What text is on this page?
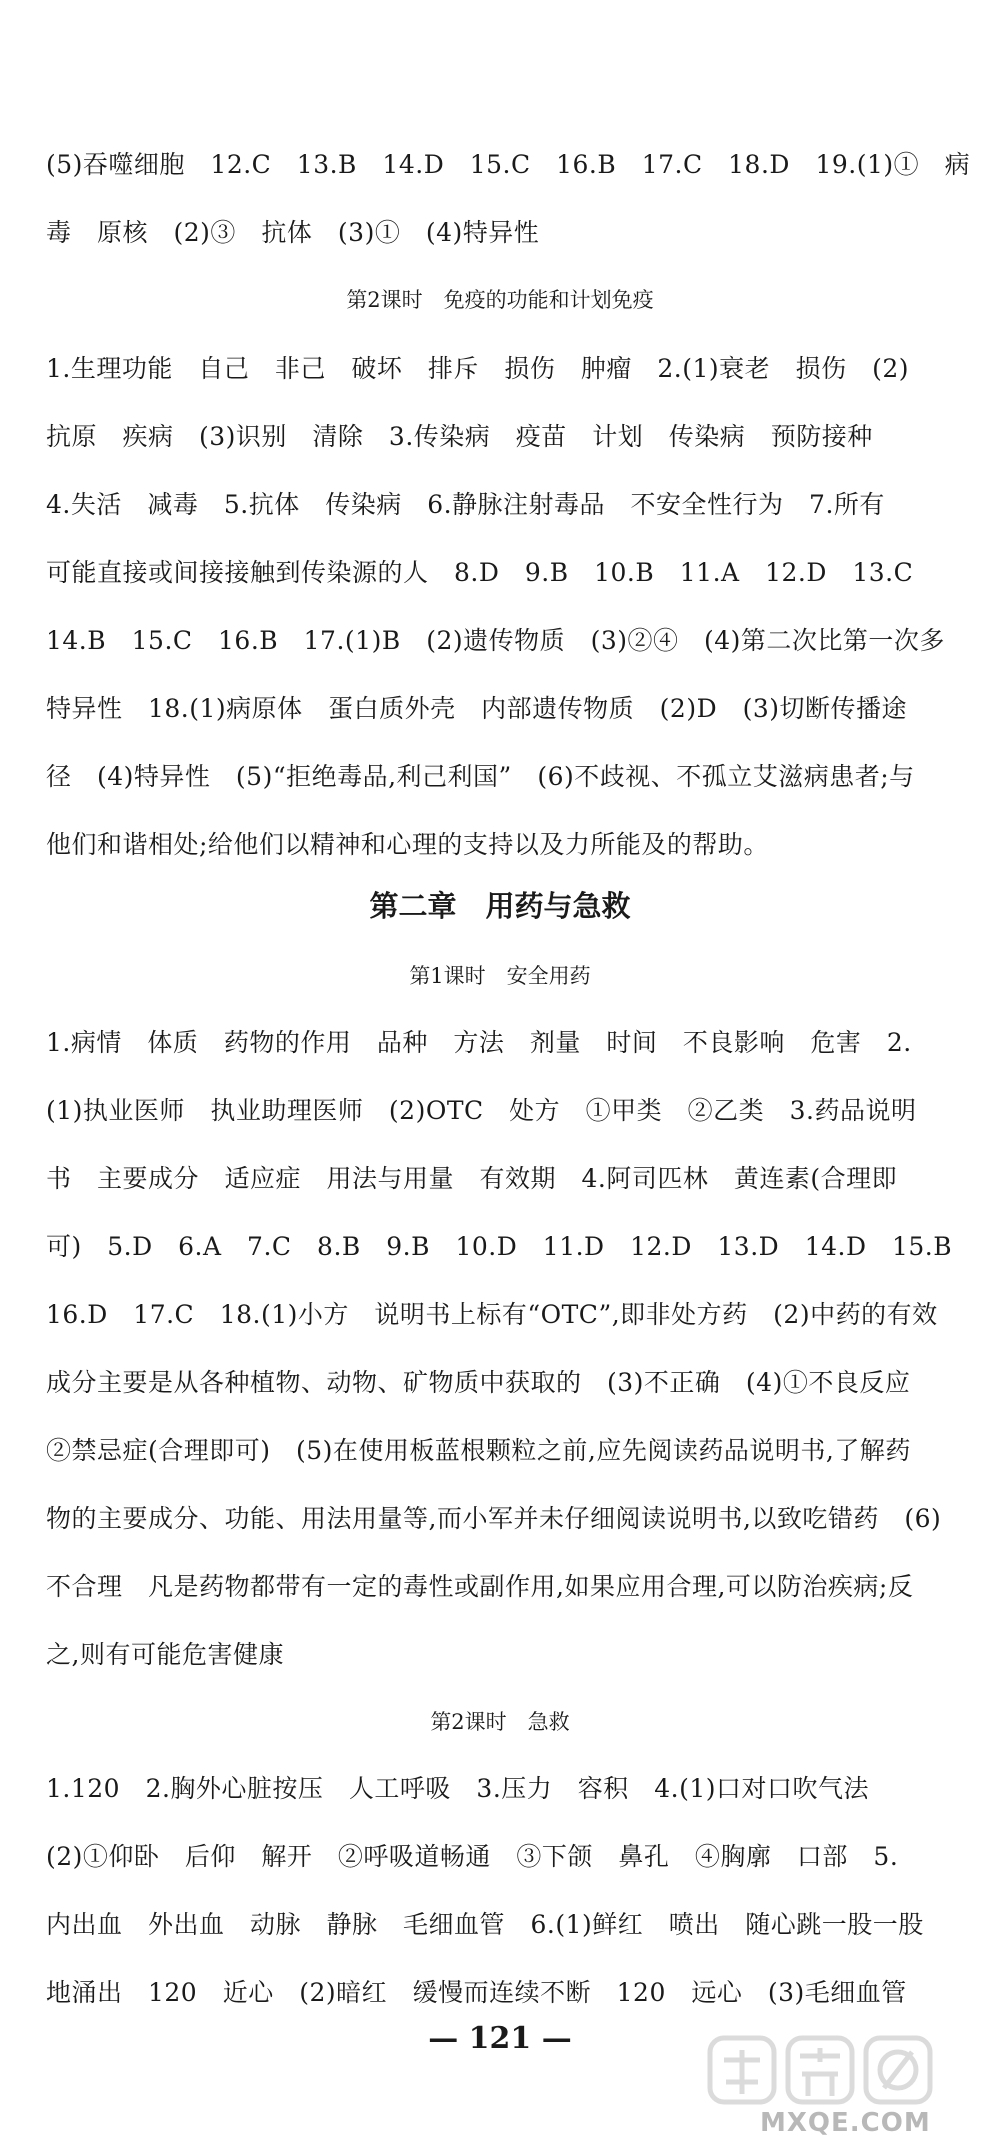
(5)吞噬细胞　12.C　13.B　14.D　15.C　16.B　17.C　18.D　19.(1)①　病
毒　原核　(2)③　抗体　(3)①　(4)特异性
第2课时　免疫的功能和计划免疫
1.生理功能　自己　非己　破坏　排斥　损伤　肿瘤　2.(1)衰老　损伤　(2)
抗原　疾病　(3)识别　清除　3.传染病　疫苗　计划　传染病　预防接种
4.失活　减毒　5.抗体　传染病　6.静脉注射毒品　不安全性行为　7.所有
可能直接或间接接触到传染源的人　8.D　9.B　10.B　11.A　12.D　13.C
14.B　15.C　16.B　17.(1)B　(2)遗传物质　(3)②④　(4)第二次比第一次多
特异性　18.(1)病原体　蛋白质外壳　内部遗传物质　(2)D　(3)切断传播途
径　(4)特异性　(5)“拒绝毒品,利己利国”　(6)不歧视、不孤立艾滋病患者;与
他们和谐相处;给他们以精神和心理的支持以及力所能及的帮助。
第二章　用药与急救
第1课时　安全用药
1.病情　体质　药物的作用　品种　方法　剂量　时间　不良影响　危害　2.
(1)执业医师　执业助理医师　(2)OTC　处方　①甲类　②乙类　3.药品说明
书　主要成分　适应症　用法与用量　有效期　4.阿司匹林　黄连素(合理即
可)　5.D　6.A　7.C　8.B　9.B　10.D　11.D　12.D　13.D　14.D　15.B
16.D　17.C　18.(1)小方　说明书上标有“OTC”,即非处方药　(2)中药的有效
成分主要是从各种植物、动物、矿物质中获取的　(3)不正确　(4)①不良反应
②禁忌症(合理即可)　(5)在使用板蓝根颗粒之前,应先阅读药品说明书,了解药
物的主要成分、功能、用法用量等,而小军并未仔细阅读说明书,以致吃错药　(6)
不合理　凡是药物都带有一定的毒性或副作用,如果应用合理,可以防治疾病;反
之,则有可能危害健康
第2课时　急救
1.120　2.胸外心脏按压　人工呼吸　3.压力　容积　4.(1)口对口吹气法
(2)①仰卧　后仰　解开　②呼吸道畅通　③下颌　鼻孔　④胸廓　口部　5.
内出血　外出血　动脉　静脉　毛细血管　6.(1)鲜红　喷出　随心跳一股一股
地涌出　120　近心　(2)暗红　缓慢而连续不断　120　远心　(3)毛细血管
— 121 —
MXQE.COM
